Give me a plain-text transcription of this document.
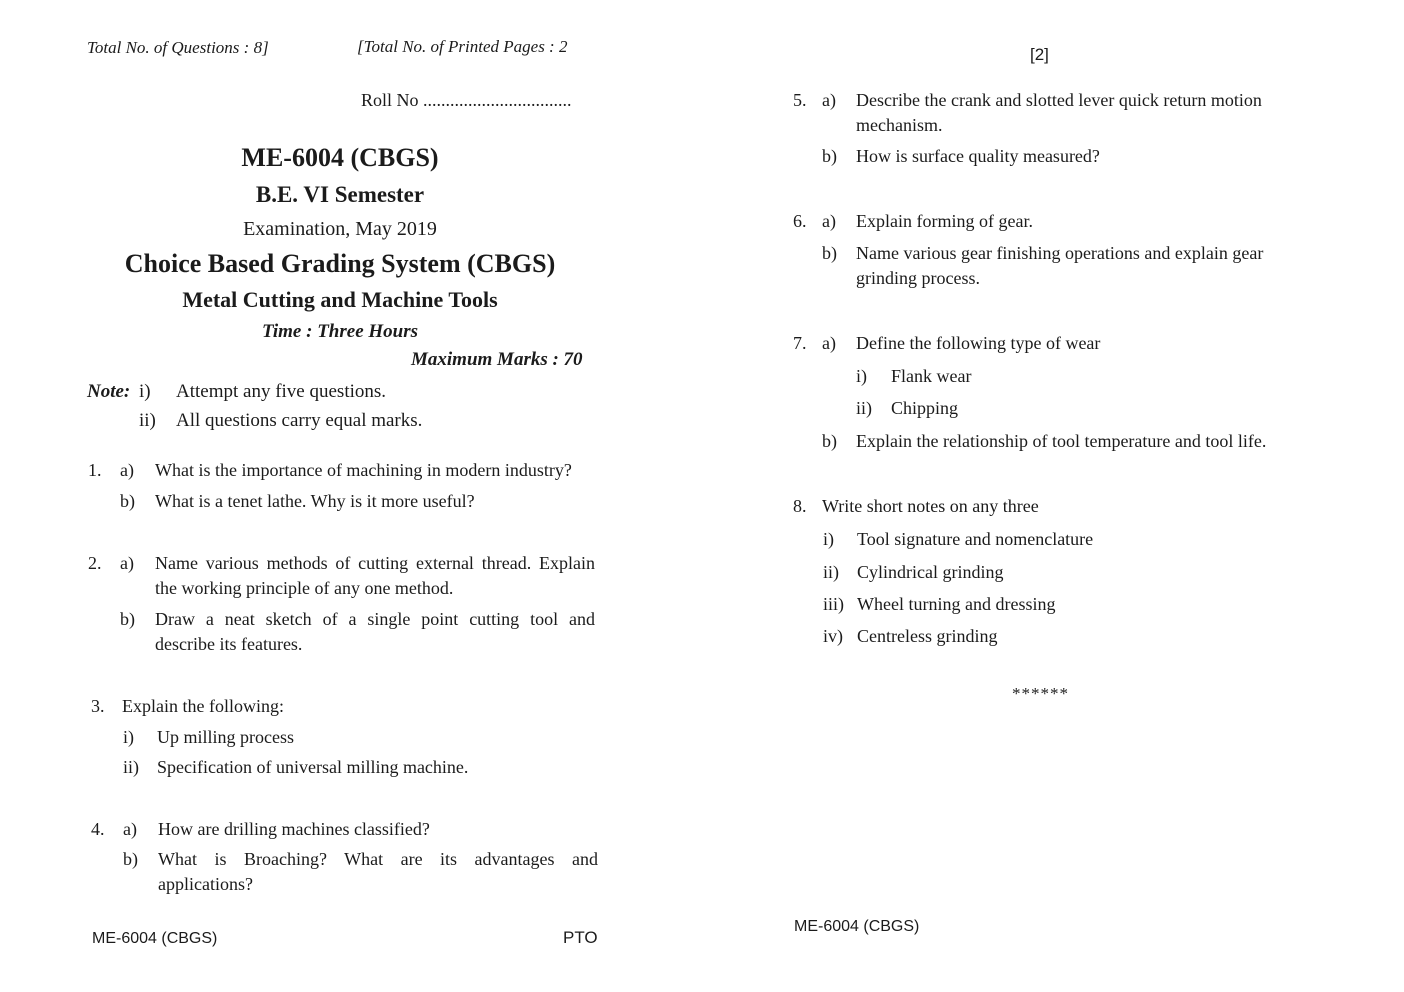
Total No. of Questions : 8]	[Total No. of Printed Pages : 2
Roll No .................................
ME-6004 (CBGS)
B.E. VI Semester
Examination, May 2019
Choice Based Grading System (CBGS)
Metal Cutting and Machine Tools
Time : Three Hours
Maximum Marks : 70
Note: i) Attempt any five questions.
ii) All questions carry equal marks.
1. a) What is the importance of machining in modern industry?
b) What is a tenet lathe. Why is it more useful?
2. a) Name various methods of cutting external thread. Explain the working principle of any one method.
b) Draw a neat sketch of a single point cutting tool and describe its features.
3. Explain the following:
i) Up milling process
ii) Specification of universal milling machine.
4. a) How are drilling machines classified?
b) What is Broaching? What are its advantages and applications?
ME-6004 (CBGS)	PTO
[2]
5. a) Describe the crank and slotted lever quick return motion mechanism.
b) How is surface quality measured?
6. a) Explain forming of gear.
b) Name various gear finishing operations and explain gear grinding process.
7. a) Define the following type of wear
i) Flank wear
ii) Chipping
b) Explain the relationship of tool temperature and tool life.
8. Write short notes on any three
i) Tool signature and nomenclature
ii) Cylindrical grinding
iii) Wheel turning and dressing
iv) Centreless grinding
******
ME-6004 (CBGS)
